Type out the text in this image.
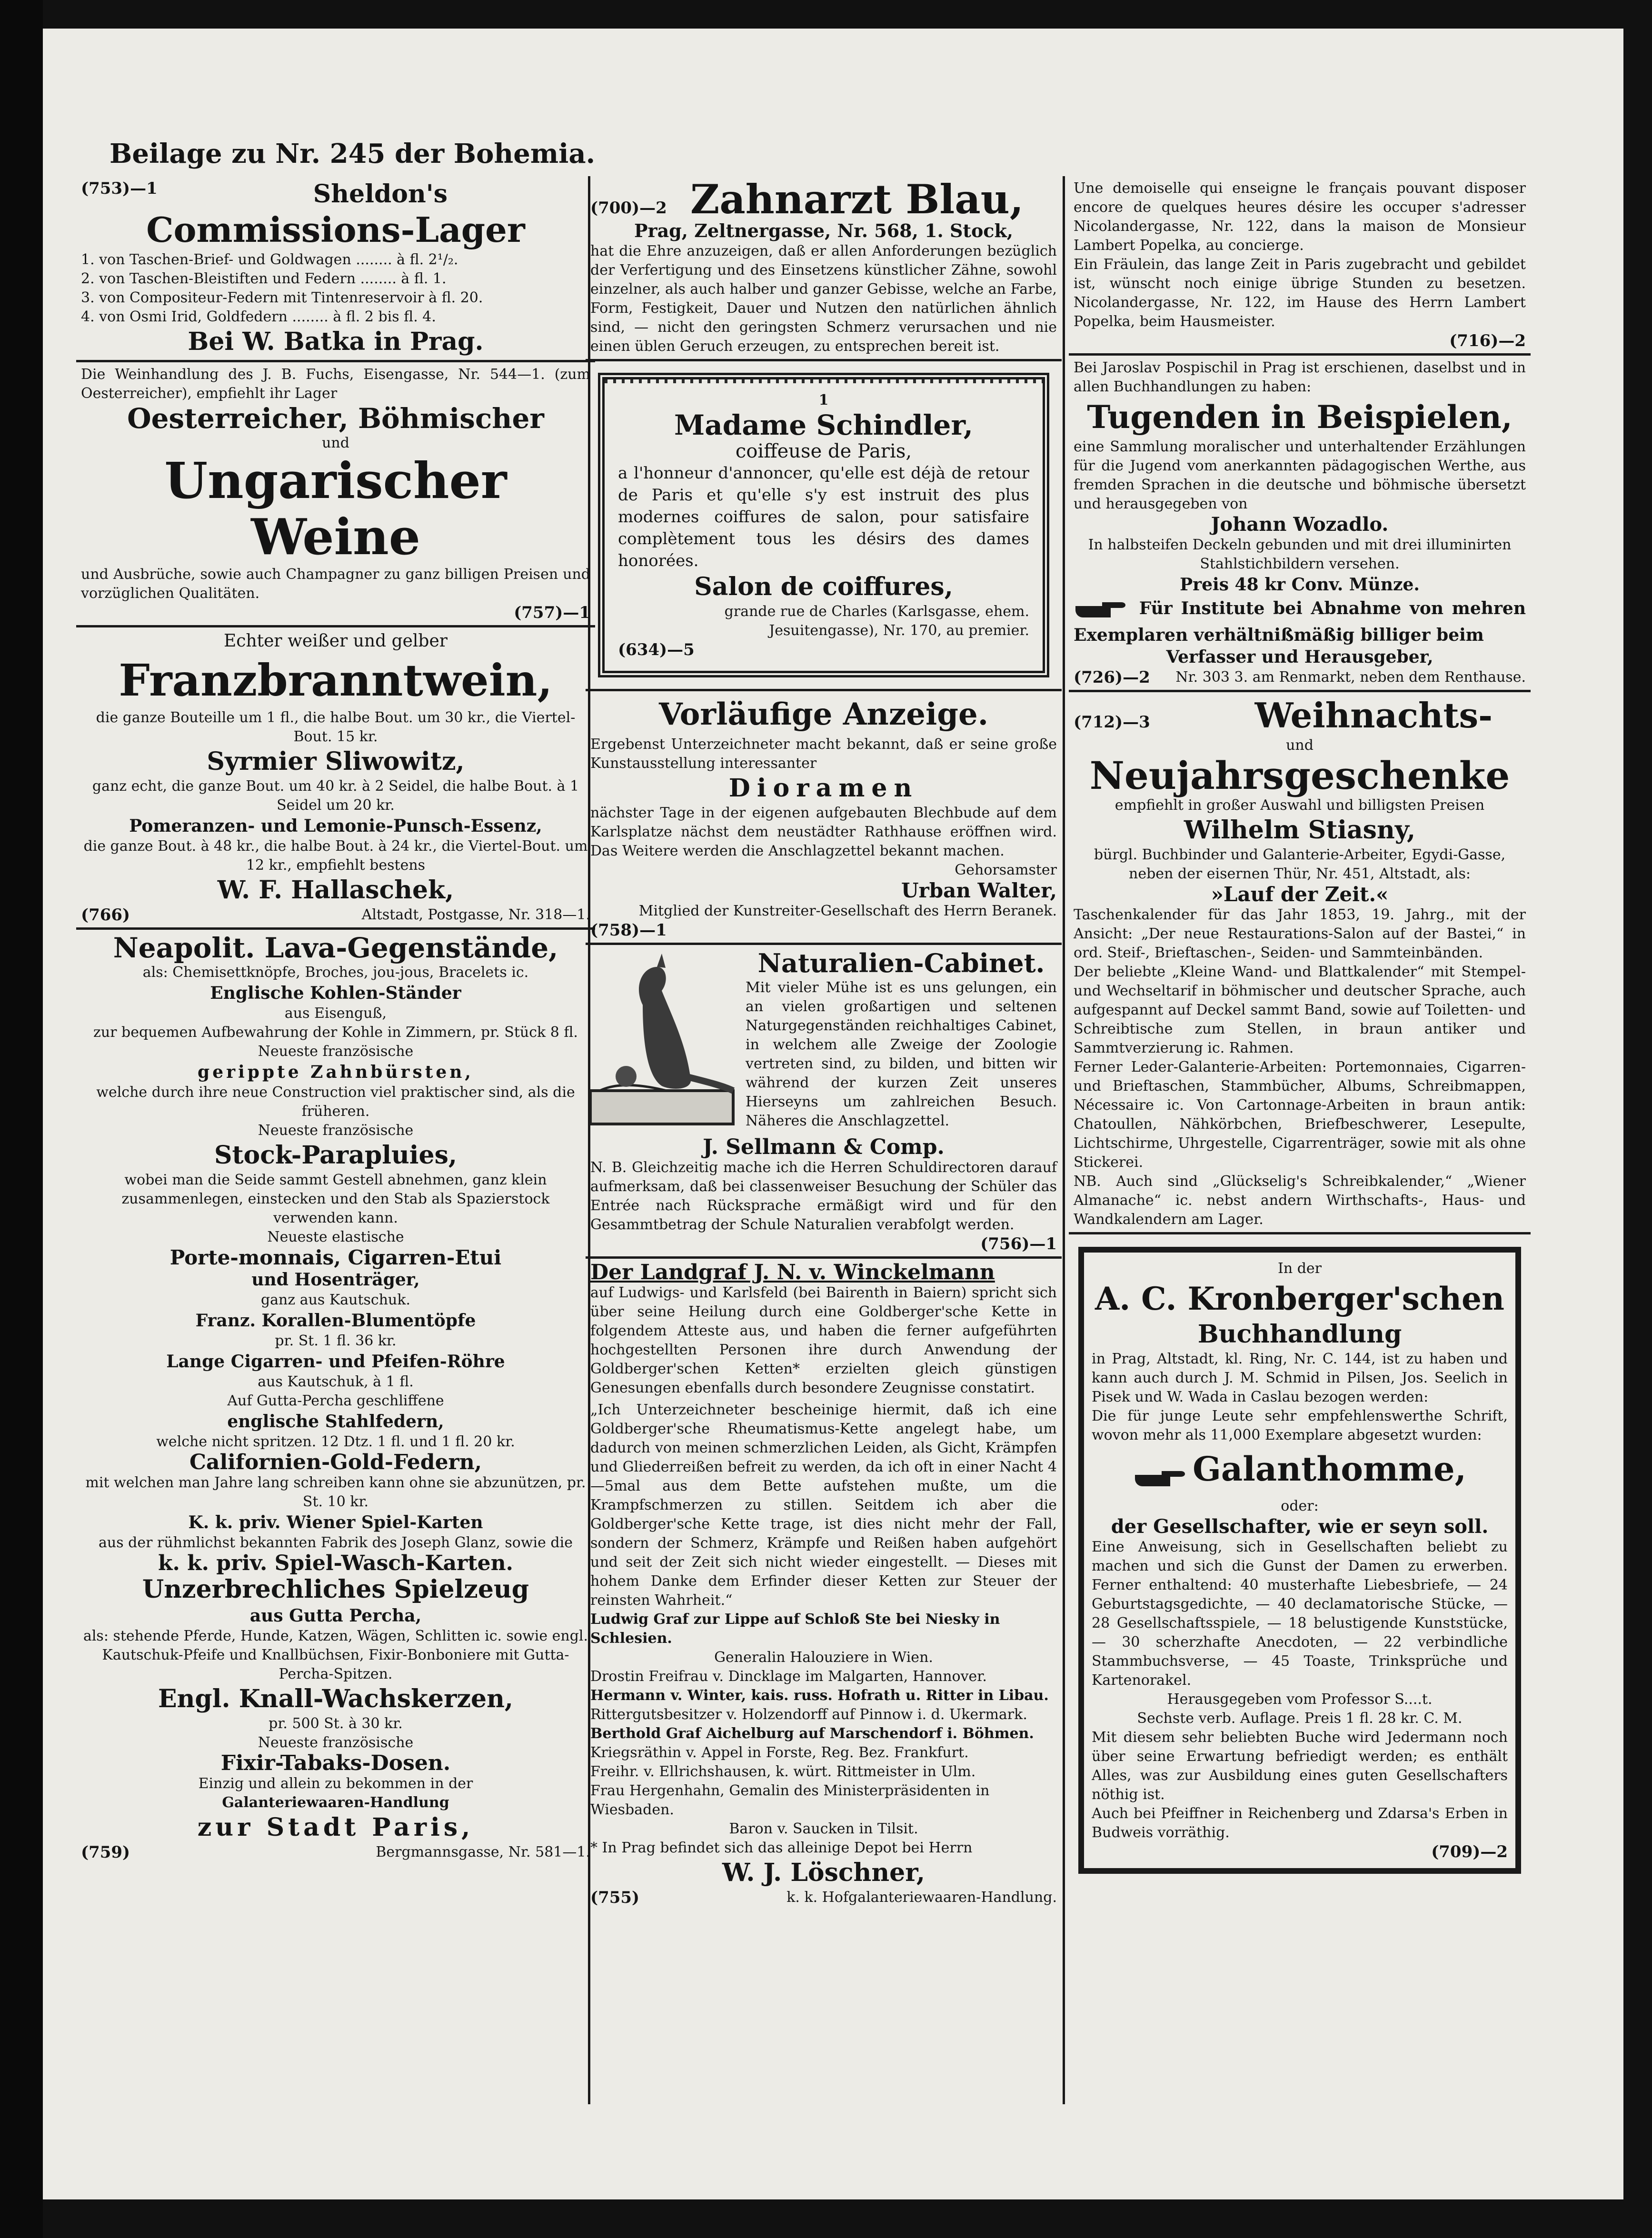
Beilage zu Nr. 245 der Bohemia.
(753)—1	Sheldon's
Commissions-Lager
1. von Taschen-Brief- und Goldwagen ........ à fl. 2¹/₂.
2. von Taschen-Bleistiften und Federn ........ à fl. 1.
3. von Compositeur-Federn mit Tintenreservoir à fl. 20.
4. von Osmi Irid, Goldfedern ........ à fl. 2 bis fl. 4.
Bei W. Batka in Prag.
Die Weinhandlung des J. B. Fuchs, Eisengasse, Nr. 544—1. (zum Oesterreicher), empfiehlt ihr Lager
Oesterreicher, Böhmischer
und
Ungarischer Weine
und Ausbrüche, sowie auch Champagner zu ganz billigen Preisen und vorzüglichen Qualitäten.
(757)—1
Echter weißer und gelber
Franzbranntwein,
die ganze Bouteille um 1 fl., die halbe Bout. um 30 kr., die Viertel-Bout. 15 kr.
Syrmier Sliwowitz,
ganz echt, die ganze Bout. um 40 kr. à 2 Seidel, die halbe Bout. à 1 Seidel um 20 kr.
Pomeranzen- und Lemonie-Punsch-Essenz,
die ganze Bout. à 48 kr., die halbe Bout. à 24 kr., die Viertel-Bout. um 12 kr., empfiehlt bestens
W. F. Hallaschek,
(766)	Altstadt, Postgasse, Nr. 318—1.
Neapolit. Lava-Gegenstände,
als: Chemisettknöpfe, Broches, jou-jous, Bracelets ic.
Englische Kohlen-Ständer
aus Eisenguß,
zur bequemen Aufbewahrung der Kohle in Zimmern, pr. Stück 8 fl.
Neueste französische
gerippte Zahnbürsten,
welche durch ihre neue Construction viel praktischer sind, als die früheren.
Neueste französische
Stock-Parapluies,
wobei man die Seide sammt Gestell abnehmen, ganz klein zusammenlegen, einstecken und den Stab als Spazierstock verwenden kann.
Neueste elastische
Porte-monnais, Cigarren-Etui
und Hosenträger,
ganz aus Kautschuk.
Franz. Korallen-Blumentöpfe
pr. St. 1 fl. 36 kr.
Lange Cigarren- und Pfeifen-Röhre
aus Kautschuk, à 1 fl.
Auf Gutta-Percha geschliffene
englische Stahlfedern,
welche nicht spritzen. 12 Dtz. 1 fl. und 1 fl. 20 kr.
Californien-Gold-Federn,
mit welchen man Jahre lang schreiben kann ohne sie abzunützen, pr. St. 10 kr.
K. k. priv. Wiener Spiel-Karten
aus der rühmlichst bekannten Fabrik des Joseph Glanz, sowie die
k. k. priv. Spiel-Wasch-Karten.
Unzerbrechliches Spielzeug
aus Gutta Percha,
als: stehende Pferde, Hunde, Katzen, Wägen, Schlitten ic. sowie engl. Kautschuk-Pfeife und Knallbüchsen, Fixir-Bonboniere mit Gutta-Percha-Spitzen.
Engl. Knall-Wachskerzen,
pr. 500 St. à 30 kr.
Neueste französische
Fixir-Tabaks-Dosen.
Einzig und allein zu bekommen in der
Galanteriewaaren-Handlung
zur Stadt Paris,
(759)	Bergmannsgasse, Nr. 581—1.
(700)—2 Zahnarzt Blau,
Prag, Zeltnergasse, Nr. 568, 1. Stock,
hat die Ehre anzuzeigen, daß er allen Anforderungen bezüglich der Verfertigung und des Einsetzens künstlicher Zähne, sowohl einzelner, als auch halber und ganzer Gebisse, welche an Farbe, Form, Festigkeit, Dauer und Nutzen den natürlichen ähnlich sind, — nicht den geringsten Schmerz verursachen und nie einen üblen Geruch erzeugen, zu entsprechen bereit ist.
1
Madame Schindler,
coiffeuse de Paris,
a l'honneur d'annoncer, qu'elle est déjà de retour de Paris et qu'elle s'y est instruit des plus modernes coiffures de salon, pour satisfaire complètement tous les désirs des dames honorées.
Salon de coiffures,
grande rue de Charles (Karlsgasse, ehem. Jesuitengasse), Nr. 170, au premier.
(634)—5
Vorläufige Anzeige.
Ergebenst Unterzeichneter macht bekannt, daß er seine große Kunstausstellung interessanter
Dioramen
nächster Tage in der eigenen aufgebauten Blechbude auf dem Karlsplatze nächst dem neustädter Rathhause eröffnen wird. Das Weitere werden die Anschlagzettel bekannt machen.
Gehorsamster
Urban Walter,
Mitglied der Kunstreiter-Gesellschaft des Herrn Beranek.
(758)—1
Naturalien-Cabinet.
Mit vieler Mühe ist es uns gelungen, ein an vielen großartigen und seltenen Naturgegenständen reichhaltiges Cabinet, in welchem alle Zweige der Zoologie vertreten sind, zu bilden, und bitten wir während der kurzen Zeit unseres Hierseyns um zahlreichen Besuch. Näheres die Anschlagzettel.
J. Sellmann & Comp.
N. B. Gleichzeitig mache ich die Herren Schuldirectoren darauf aufmerksam, daß bei classenweiser Besuchung der Schüler das Entrée nach Rücksprache ermäßigt wird und für den Gesammtbetrag der Schule Naturalien verabfolgt werden.
(756)—1
Der Landgraf J. N. v. Winckelmann
auf Ludwigs- und Karlsfeld (bei Bairenth in Baiern) spricht sich über seine Heilung durch eine Goldberger'sche Kette in folgendem Atteste aus, und haben die ferner aufgeführten hochgestellten Personen ihre durch Anwendung der Goldberger'schen Ketten* erzielten gleich günstigen Genesungen ebenfalls durch besondere Zeugnisse constatirt.
„Ich Unterzeichneter bescheinige hiermit, daß ich eine Goldberger'sche Rheumatismus-Kette angelegt habe, um dadurch von meinen schmerzlichen Leiden, als Gicht, Krämpfen und Gliederreißen befreit zu werden, da ich oft in einer Nacht 4—5mal aus dem Bette aufstehen mußte, um die Krampfschmerzen zu stillen. Seitdem ich aber die Goldberger'sche Kette trage, ist dies nicht mehr der Fall, sondern der Schmerz, Krämpfe und Reißen haben aufgehört und seit der Zeit sich nicht wieder eingestellt. — Dieses mit hohem Danke dem Erfinder dieser Ketten zur Steuer der reinsten Wahrheit.“
Ludwig Graf zur Lippe auf Schloß Ste bei Niesky in Schlesien.
Generalin Halouziere in Wien.
Drostin Freifrau v. Dincklage im Malgarten, Hannover.
Hermann v. Winter, kais. russ. Hofrath u. Ritter in Libau.
Rittergutsbesitzer v. Holzendorff auf Pinnow i. d. Ukermark.
Berthold Graf Aichelburg auf Marschendorf i. Böhmen.
Kriegsräthin v. Appel in Forste, Reg. Bez. Frankfurt.
Freihr. v. Ellrichshausen, k. würt. Rittmeister in Ulm.
Frau Hergenhahn, Gemalin des Ministerpräsidenten in Wiesbaden.
Baron v. Saucken in Tilsit.
* In Prag befindet sich das alleinige Depot bei Herrn
W. J. Löschner,
(755)	k. k. Hofgalanteriewaaren-Handlung.
Une demoiselle qui enseigne le français pouvant disposer encore de quelques heures désire les occuper s'adresser Nicolandergasse, Nr. 122, dans la maison de Monsieur Lambert Popelka, au concierge.
Ein Fräulein, das lange Zeit in Paris zugebracht und gebildet ist, wünscht noch einige übrige Stunden zu besetzen. Nicolandergasse, Nr. 122, im Hause des Herrn Lambert Popelka, beim Hausmeister.
(716)—2
Bei Jaroslav Pospischil in Prag ist erschienen, daselbst und in allen Buchhandlungen zu haben:
Tugenden in Beispielen,
eine Sammlung moralischer und unterhaltender Erzählungen für die Jugend vom anerkannten pädagogischen Werthe, aus fremden Sprachen in die deutsche und böhmische übersetzt und herausgegeben von
Johann Wozadlo.
In halbsteifen Deckeln gebunden und mit drei illuminirten Stahlstichbildern versehen.
Preis 48 kr Conv. Münze.
Für Institute bei Abnahme von mehren Exemplaren verhältnißmäßig billiger beim
Verfasser und Herausgeber,
(726)—2 Nr. 303 3. am Renmarkt, neben dem Renthause.
(712)—3	Weihnachts-
und
Neujahrsgeschenke
empfiehlt in großer Auswahl und billigsten Preisen
Wilhelm Stiasny,
bürgl. Buchbinder und Galanterie-Arbeiter, Egydi-Gasse, neben der eisernen Thür, Nr. 451, Altstadt, als:
»Lauf der Zeit.«
Taschenkalender für das Jahr 1853, 19. Jahrg., mit der Ansicht: „Der neue Restaurations-Salon auf der Bastei,“ in ord. Steif-, Brieftaschen-, Seiden- und Sammteinbänden.
Der beliebte „Kleine Wand- und Blattkalender“ mit Stempel- und Wechseltarif in böhmischer und deutscher Sprache, auch aufgespannt auf Deckel sammt Band, sowie auf Toiletten- und Schreibtische zum Stellen, in braun antiker und Sammtverzierung ic. Rahmen.
Ferner Leder-Galanterie-Arbeiten: Portemonnaies, Cigarren- und Brieftaschen, Stammbücher, Albums, Schreibmappen, Nécessaire ic. Von Cartonnage-Arbeiten in braun antik: Chatoullen, Nähkörbchen, Briefbeschwerer, Lesepulte, Lichtschirme, Uhrgestelle, Cigarrenträger, sowie mit als ohne Stickerei.
NB. Auch sind „Glückselig's Schreibkalender,“ „Wiener Almanache“ ic. nebst andern Wirthschafts-, Haus- und Wandkalendern am Lager.
In der
A. C. Kronberger'schen
Buchhandlung
in Prag, Altstadt, kl. Ring, Nr. C. 144, ist zu haben und kann auch durch J. M. Schmid in Pilsen, Jos. Seelich in Pisek und W. Wada in Caslau bezogen werden:
Die für junge Leute sehr empfehlenswerthe Schrift, wovon mehr als 11,000 Exemplare abgesetzt wurden:
Galanthomme,
oder:
der Gesellschafter, wie er seyn soll.
Eine Anweisung, sich in Gesellschaften beliebt zu machen und sich die Gunst der Damen zu erwerben. Ferner enthaltend: 40 musterhafte Liebesbriefe, — 24 Geburtstagsgedichte, — 40 declamatorische Stücke, — 28 Gesellschaftsspiele, — 18 belustigende Kunststücke, — 30 scherzhafte Anecdoten, — 22 verbindliche Stammbuchsverse, — 45 Toaste, Trinksprüche und Kartenorakel.
Herausgegeben vom Professor S....t.
Sechste verb. Auflage. Preis 1 fl. 28 kr. C. M.
Mit diesem sehr beliebten Buche wird Jedermann noch über seine Erwartung befriedigt werden; es enthält Alles, was zur Ausbildung eines guten Gesellschafters nöthig ist.
Auch bei Pfeiffner in Reichenberg und Zdarsa's Erben in Budweis vorräthig.
(709)—2
